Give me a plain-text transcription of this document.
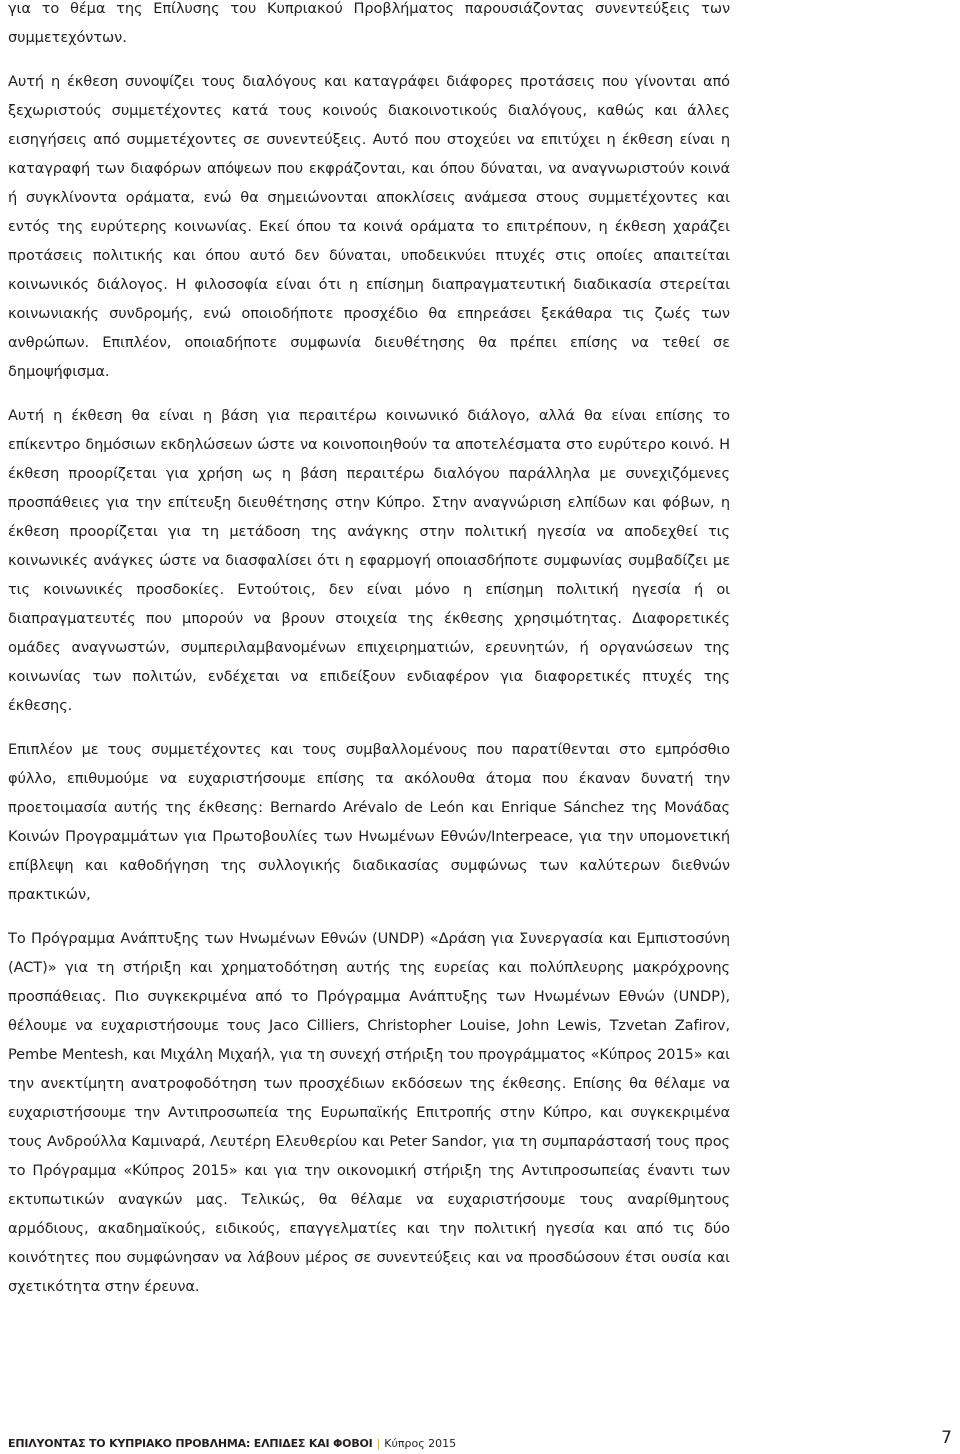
για το θέμα της Επίλυσης του Κυπριακού Προβλήματος παρουσιάζοντας συνεντεύξεις των συμμετεχόντων.

Αυτή η έκθεση συνοψίζει τους διαλόγους και καταγράφει διάφορες προτάσεις που γίνονται από ξεχωριστούς συμμετέχοντες κατά τους κοινούς διακοινοτικούς διαλόγους, καθώς και άλλες εισηγήσεις από συμμετέχοντες σε συνεντεύξεις. Αυτό που στοχεύει να επιτύχει η έκθεση είναι η καταγραφή των διαφόρων απόψεων που εκφράζονται, και όπου δύναται, να αναγνωριστούν κοινά ή συγκλίνοντα οράματα, ενώ θα σημειώνονται αποκλίσεις ανάμεσα στους συμμετέχοντες και εντός της ευρύτερης κοινωνίας. Εκεί όπου τα κοινά οράματα το επιτρέπουν, η έκθεση χαράζει προτάσεις πολιτικής και όπου αυτό δεν δύναται, υποδεικνύει πτυχές στις οποίες απαιτείται κοινωνικός διάλογος. Η φιλοσοφία είναι ότι η επίσημη διαπραγματευτική διαδικασία στερείται κοινωνιακής συνδρομής, ενώ οποιοδήποτε προσχέδιο θα επηρεάσει ξεκάθαρα τις ζωές των ανθρώπων. Επιπλέον, οποιαδήποτε συμφωνία διευθέτησης θα πρέπει επίσης να τεθεί σε δημοψήφισμα.

Αυτή η έκθεση θα είναι η βάση για περαιτέρω κοινωνικό διάλογο, αλλά θα είναι επίσης το επίκεντρο δημόσιων εκδηλώσεων ώστε να κοινοποιηθούν τα αποτελέσματα στο ευρύτερο κοινό. Η έκθεση προορίζεται για χρήση ως η βάση περαιτέρω διαλόγου παράλληλα με συνεχιζόμενες προσπάθειες για την επίτευξη διευθέτησης στην Κύπρο. Στην αναγνώριση ελπίδων και φόβων, η έκθεση προορίζεται για τη μετάδοση της ανάγκης στην πολιτική ηγεσία να αποδεχθεί τις κοινωνικές ανάγκες ώστε να διασφαλίσει ότι η εφαρμογή οποιασδήποτε συμφωνίας συμβαδίζει με τις κοινωνικές προσδοκίες. Εντούτοις, δεν είναι μόνο η επίσημη πολιτική ηγεσία ή οι διαπραγματευτές που μπορούν να βρουν στοιχεία της έκθεσης χρησιμότητας. Διαφορετικές ομάδες αναγνωστών, συμπεριλαμβανομένων επιχειρηματιών, ερευνητών, ή οργανώσεων της κοινωνίας των πολιτών, ενδέχεται να επιδείξουν ενδιαφέρον για διαφορετικές πτυχές της έκθεσης.

Επιπλέον με τους συμμετέχοντες και τους συμβαλλομένους που παρατίθενται στο εμπρόσθιο φύλλο, επιθυμούμε να ευχαριστήσουμε επίσης τα ακόλουθα άτομα που έκαναν δυνατή την προετοιμασία αυτής της έκθεσης: Bernardo Arévalo de León και Enrique Sánchez της Μονάδας Κοινών Προγραμμάτων για Πρωτοβουλίες των Ηνωμένων Εθνών/Interpeace, για την υπομονετική επίβλεψη και καθοδήγηση της συλλογικής διαδικασίας συμφώνως των καλύτερων διεθνών πρακτικών,

Το Πρόγραμμα Ανάπτυξης των Ηνωμένων Εθνών (UNDP) «Δράση για Συνεργασία και Εμπιστοσύνη (ACT)» για τη στήριξη και χρηματοδότηση αυτής της ευρείας και πολύπλευρης μακρόχρονης προσπάθειας. Πιο συγκεκριμένα από το Πρόγραμμα Ανάπτυξης των Ηνωμένων Εθνών (UNDP), θέλουμε να ευχαριστήσουμε τους Jaco Cilliers, Christopher Louise, John Lewis, Tzvetan Zafirov, Pembe Mentesh, και Μιχάλη Μιχαήλ, για τη συνεχή στήριξη του προγράμματος «Κύπρος 2015» και την ανεκτίμητη ανατροφοδότηση των προσχέδιων εκδόσεων της έκθεσης. Επίσης θα θέλαμε να ευχαριστήσουμε την Αντιπροσωπεία της Ευρωπαϊκής Επιτροπής στην Κύπρο, και συγκεκριμένα τους Ανδρούλλα Καμιναρά, Λευτέρη Ελευθερίου και Peter Sandor, για τη συμπαράστασή τους προς το Πρόγραμμα «Κύπρος 2015» και για την οικονομική στήριξη της Αντιπροσωπείας έναντι των εκτυπωτικών αναγκών μας. Τελικώς, θα θέλαμε να ευχαριστήσουμε τους αναρίθμητους αρμόδιους, ακαδημαϊκούς, ειδικούς, επαγγελματίες και την πολιτική ηγεσία και από τις δύο κοινότητες που συμφώνησαν να λάβουν μέρος σε συνεντεύξεις και να προσδώσουν έτσι ουσία και σχετικότητα στην έρευνα.

ΕΠΙΛΥΟΝΤΑΣ ΤΟ ΚΥΠΡΙΑΚΟ ΠΡΟΒΛΗΜΑ: ΕΛΠΙΔΕΣ ΚΑΙ ΦΟΒΟΙ | Κύπρος 2015	7
